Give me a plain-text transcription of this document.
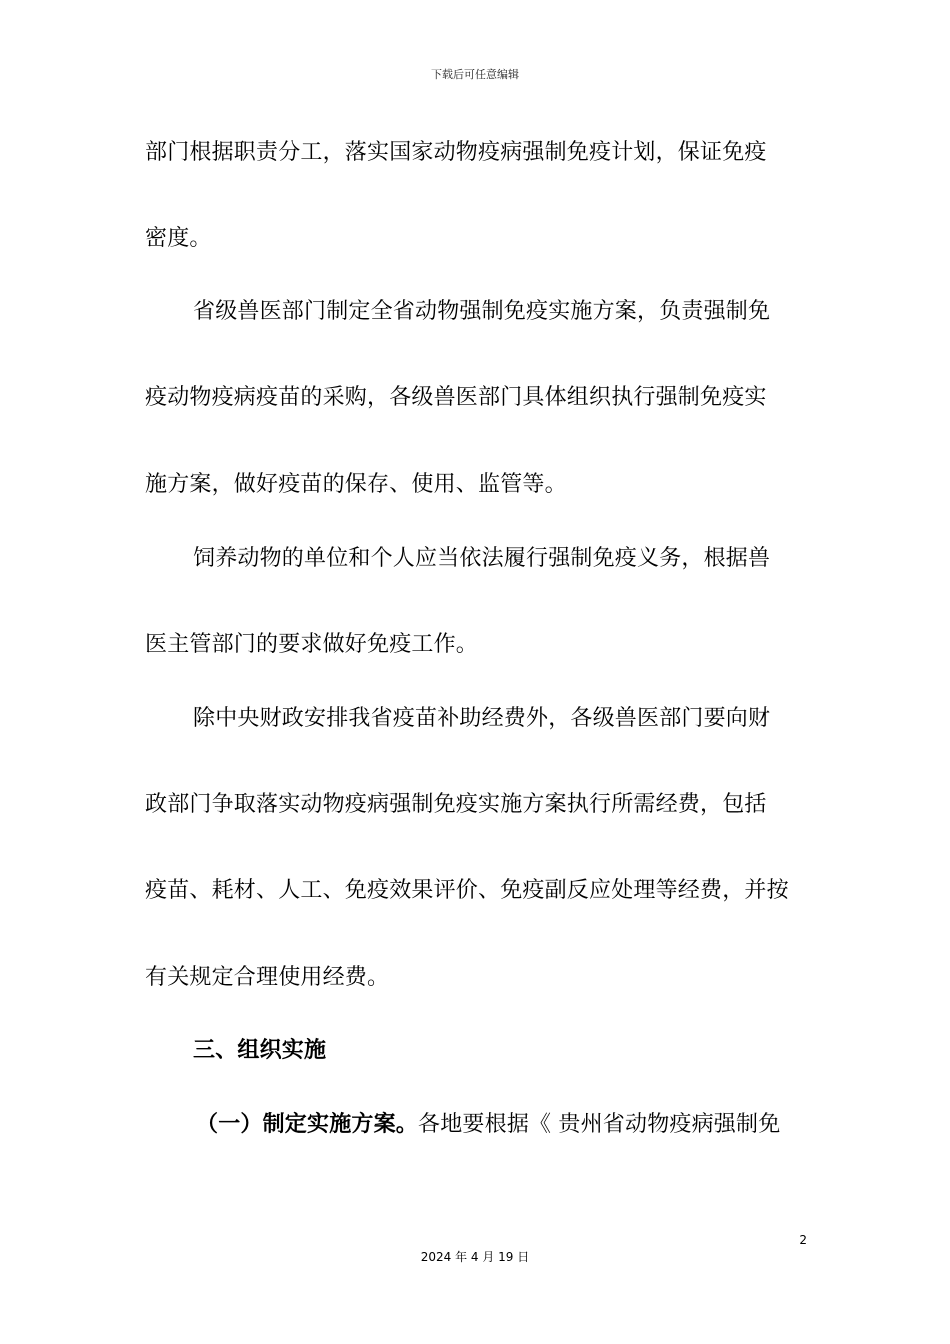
下载后可任意编辑
部门根据职责分工，落实国家动物疫病强制免疫计划，保证免疫
密度。
省级兽医部门制定全省动物强制免疫实施方案，负责强制免
疫动物疫病疫苗的采购，各级兽医部门具体组织执行强制免疫实
施方案，做好疫苗的保存、使用、监管等。
饲养动物的单位和个人应当依法履行强制免疫义务，根据兽
医主管部门的要求做好免疫工作。
除中央财政安排我省疫苗补助经费外，各级兽医部门要向财
政部门争取落实动物疫病强制免疫实施方案执行所需经费，包括
疫苗、耗材、人工、免疫效果评价、免疫副反应处理等经费，并按
有关规定合理使用经费。
三、组织实施
（一）制定实施方案。各地要根据《 贵州省动物疫病强制免
2
2024 年 4 月 19 日
